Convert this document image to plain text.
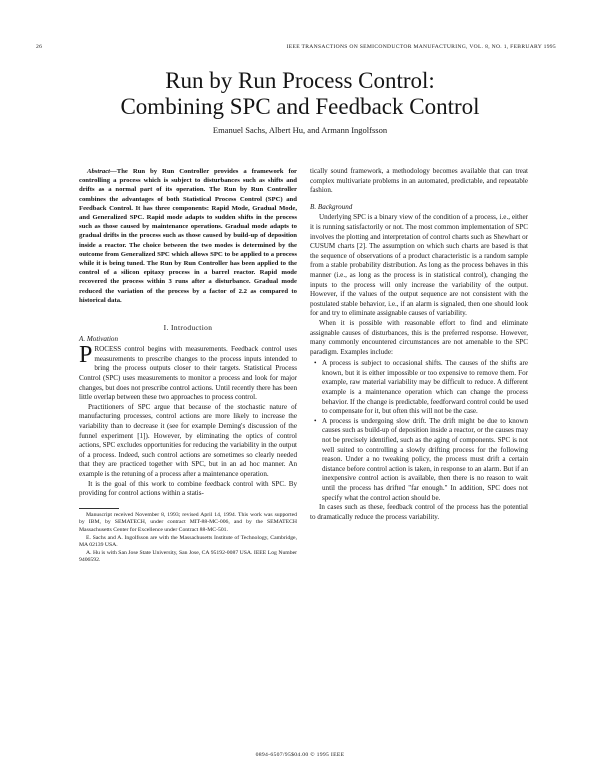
26	IEEE TRANSACTIONS ON SEMICONDUCTOR MANUFACTURING, VOL. 8, NO. 1, FEBRUARY 1995
Run by Run Process Control:
Combining SPC and Feedback Control
Emanuel Sachs, Albert Hu, and Armann Ingolfsson

Abstract—The Run by Run Controller provides a framework for controlling a process which is subject to disturbances such as shifts and drifts as a normal part of its operation. The Run by Run Controller combines the advantages of both Statistical Process Control (SPC) and Feedback Control. It has three components: Rapid Mode, Gradual Mode, and Generalized SPC. Rapid mode adapts to sudden shifts in the process such as those caused by maintenance operations. Gradual mode adapts to gradual drifts in the process such as those caused by build-up of deposition inside a reactor. The choice between the two modes is determined by the outcome from Generalized SPC which allows SPC to be applied to a process while it is being tuned. The Run by Run Controller has been applied to the control of a silicon epitaxy process in a barrel reactor. Rapid mode recovered the process within 3 runs after a disturbance. Gradual mode reduced the variation of the process by a factor of 2.2 as compared to historical data.

I. Introduction
A. Motivation

PROCESS control begins with measurements. Feedback control uses measurements to prescribe changes to the process inputs intended to bring the process outputs closer to their targets. Statistical Process Control (SPC) uses measurements to monitor a process and look for major changes, but does not prescribe control actions. Until recently there has been little overlap between these two approaches to process control.

Practitioners of SPC argue that because of the stochastic nature of manufacturing processes, control actions are more likely to increase the variability than to decrease it (see for example Deming's discussion of the funnel experiment [1]). However, by eliminating the optics of control actions, SPC excludes opportunities for reducing the variability in the output of a process. Indeed, such control actions are sometimes so clearly needed that they are practiced together with SPC, but in an ad hoc manner. An example is the retuning of a process after a maintenance operation.

It is the goal of this work to combine feedback control with SPC. By providing for control actions within a statis-

Manuscript received November 8, 1993; revised April 14, 1994. This work was supported by IBM, by SEMATECH, under contract MIT-88-MC-006, and by the SEMATECH Massachusetts Center for Excellence under Contract 88-MC-501.

E. Sachs and A. Ingolfsson are with the Massachusetts Institute of Technology, Cambridge, MA 02139 USA.

A. Hu is with San Jose State University, San Jose, CA 95192-0087 USA. IEEE Log Number 9406592.

tically sound framework, a methodology becomes available that can treat complex multivariate problems in an automated, predictable, and repeatable fashion.

B. Background

Underlying SPC is a binary view of the condition of a process, i.e., either it is running satisfactorily or not. The most common implementation of SPC involves the plotting and interpretation of control charts such as Shewhart or CUSUM charts [2]. The assumption on which such charts are based is that the sequence of observations of a product characteristic is a random sample from a stable probability distribution. As long as the process behaves in this manner (i.e., as long as the process is in statistical control), changing the inputs to the process will only increase the variability of the output. However, if the values of the output sequence are not consistent with the postulated stable behavior, i.e., if an alarm is signaled, then one should look for and try to eliminate assignable causes of variability.

When it is possible with reasonable effort to find and eliminate assignable causes of disturbances, this is the preferred response. However, many commonly encountered circumstances are not amenable to the SPC paradigm. Examples include:

• A process is subject to occasional shifts. The causes of the shifts are known, but it is either impossible or too expensive to remove them. For example, raw material variability may be difficult to reduce. A different example is a maintenance operation which can change the process behavior. If the change is predictable, feedforward control could be used to compensate for it, but often this will not be the case.
• A process is undergoing slow drift. The drift might be due to known causes such as build-up of deposition inside a reactor, or the causes may not be precisely identified, such as the aging of components. SPC is not well suited to controlling a slowly drifting process for the following reason. Under a no tweaking policy, the process must drift a certain distance before control action is taken, in response to an alarm. But if an inexpensive control action is available, then there is no reason to wait until the process has drifted "far enough." In addition, SPC does not specify what the control action should be.

In cases such as these, feedback control of the process has the potential to dramatically reduce the process variability.

0894-6507/95$04.00 © 1995 IEEE
